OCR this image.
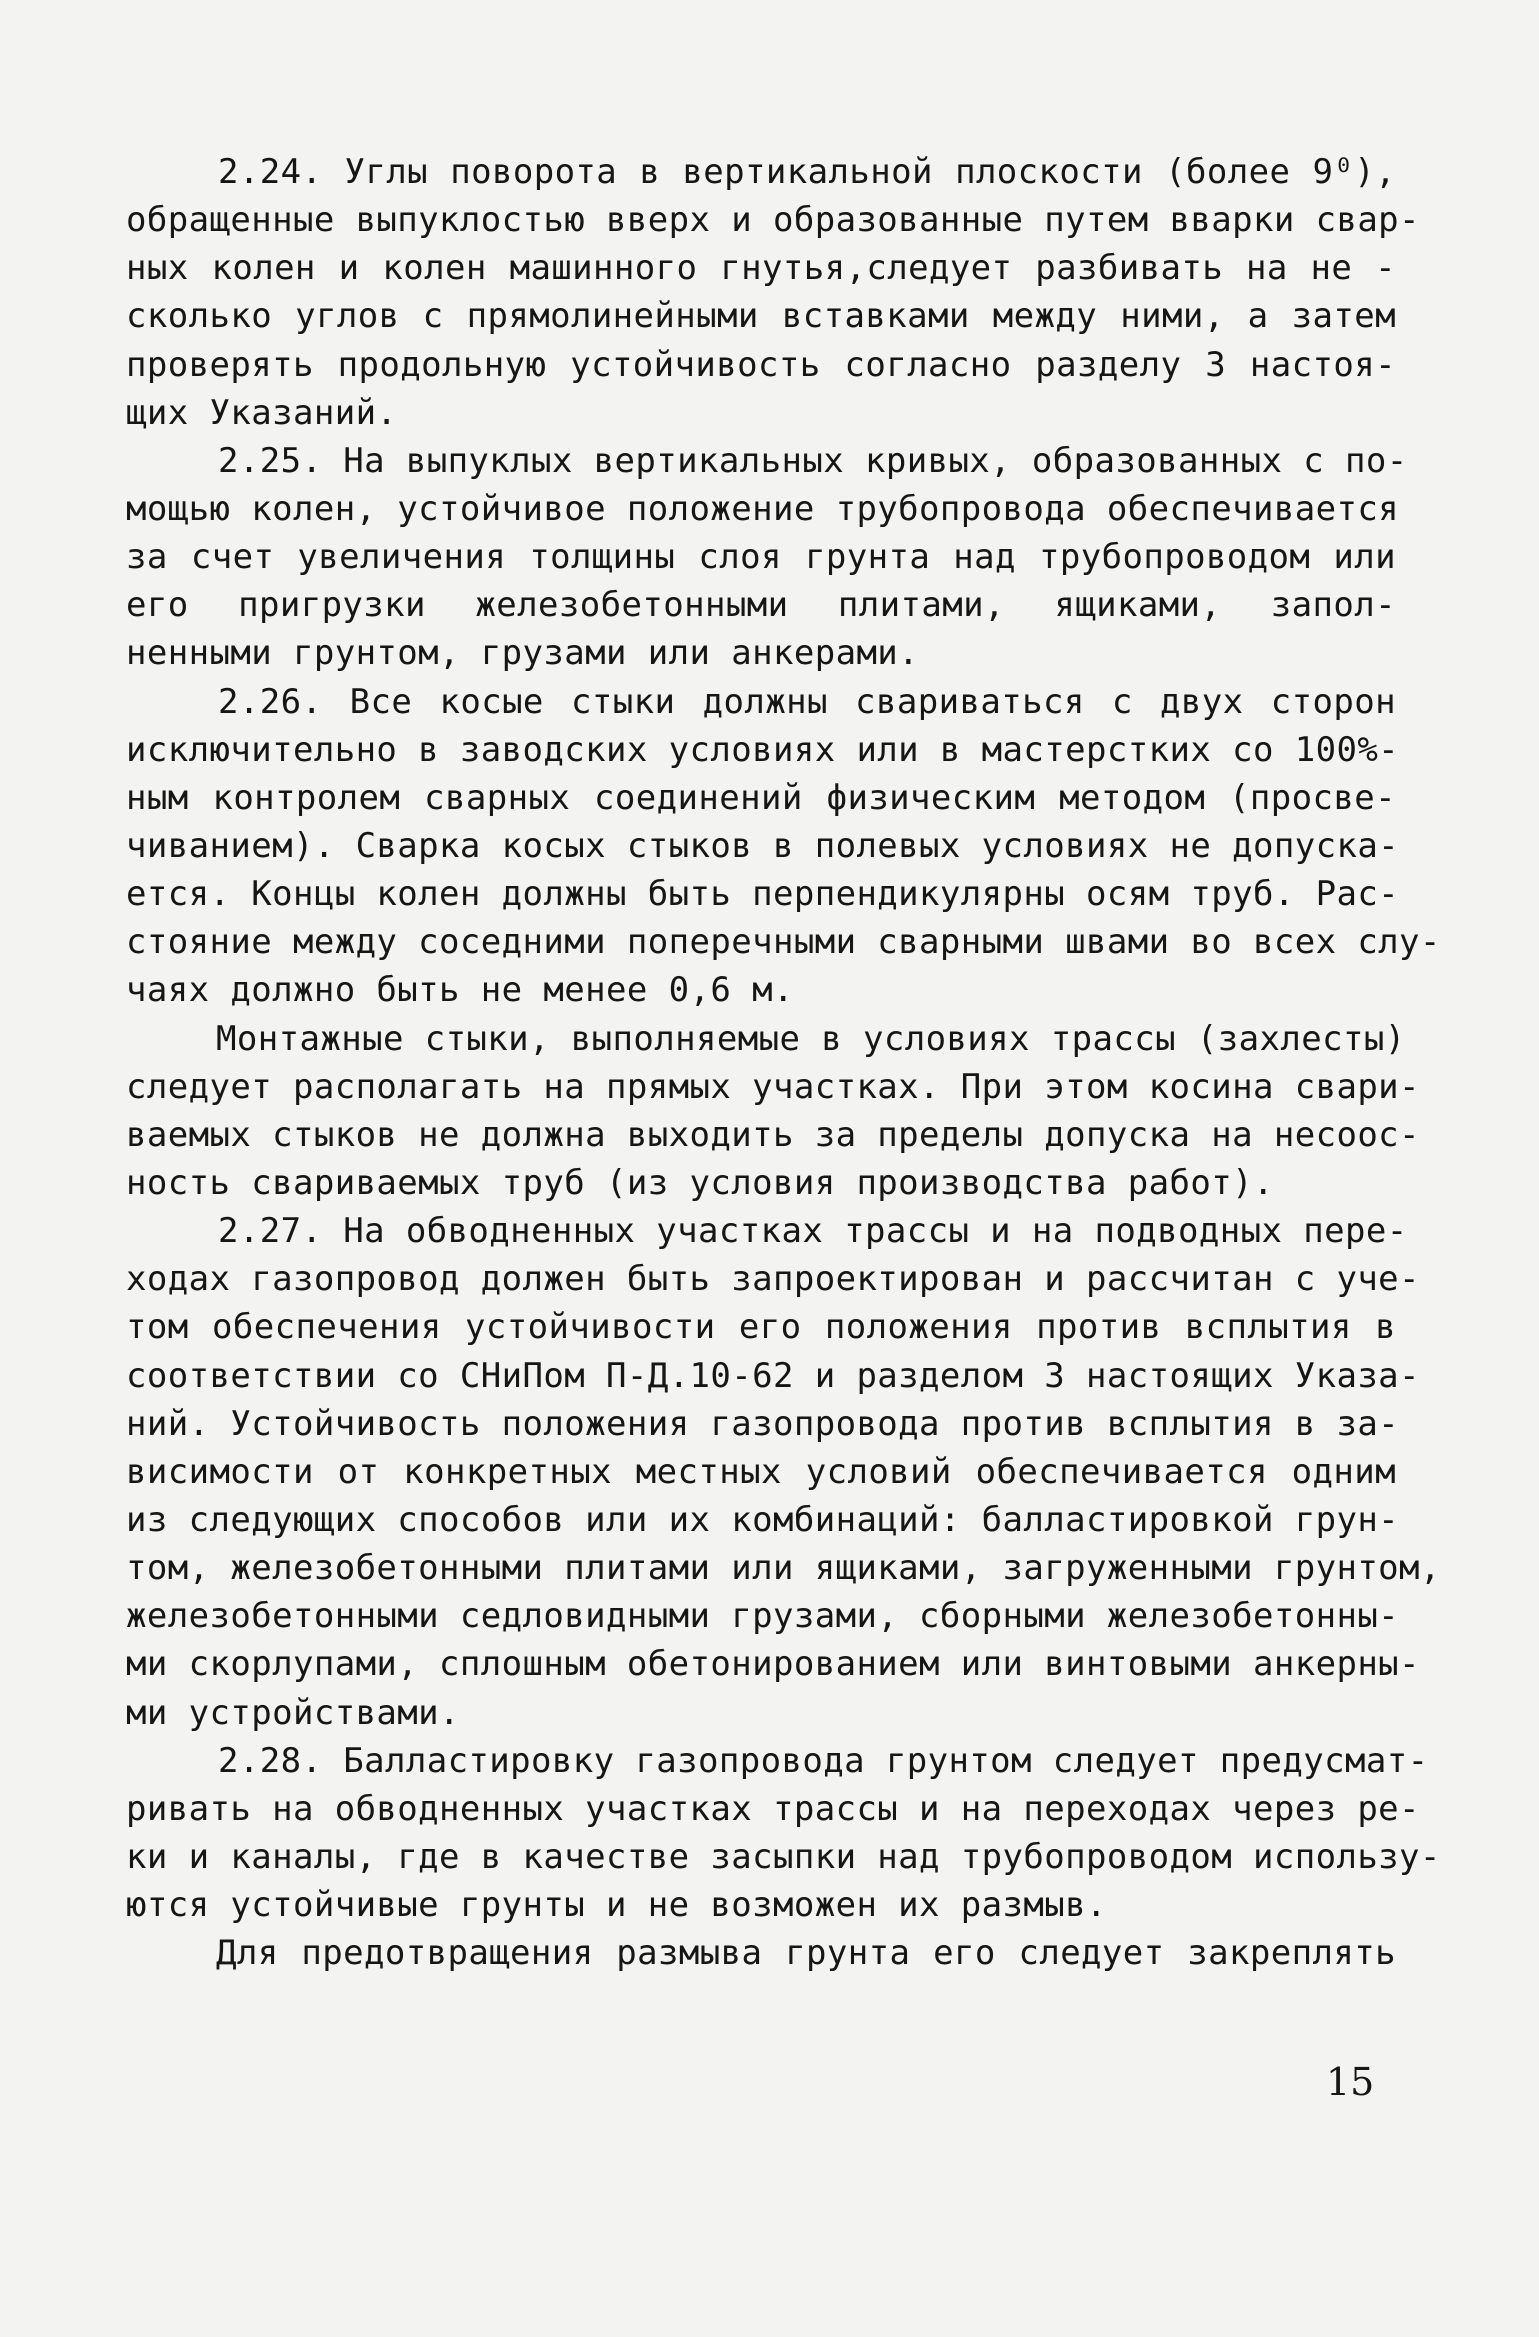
2.24. Углы поворота в вертикальной плоскости (более 9⁰),
обращенные выпуклостью вверх и образованные путем вварки свар-
ных колен и колен машинного гнутья,следует разбивать на не -
сколько углов с прямолинейными вставками между ними, а затем
проверять продольную устойчивость согласно разделу 3 настоя-
щих Указаний.
2.25. На выпуклых вертикальных кривых, образованных с по-
мощью колен, устойчивое положение трубопровода обеспечивается
за счет увеличения толщины слоя грунта над трубопроводом или
его пригрузки железобетонными плитами, ящиками, запол-
ненными грунтом, грузами или анкерами.
2.26. Все косые стыки должны свариваться с двух сторон
исключительно в заводских условиях или в мастерстких со 100%-
ным контролем сварных соединений физическим методом (просве-
чиванием). Сварка косых стыков в полевых условиях не допуска-
ется. Концы колен должны быть перпендикулярны осям труб. Рас-
стояние между соседними поперечными сварными швами во всех слу-
чаях должно быть не менее 0,6 м.
Монтажные стыки, выполняемые в условиях трассы (захлесты)
следует располагать на прямых участках. При этом косина свари-
ваемых стыков не должна выходить за пределы допуска на несоос-
ность свариваемых труб (из условия производства работ).
2.27. На обводненных участках трассы и на подводных пере-
ходах газопровод должен быть запроектирован и рассчитан с уче-
том обеспечения устойчивости его положения против всплытия в
соответствии со СНиПом П-Д.10-62 и разделом 3 настоящих Указа-
ний. Устойчивость положения газопровода против всплытия в за-
висимости от конкретных местных условий обеспечивается одним
из следующих способов или их комбинаций: балластировкой грун-
том, железобетонными плитами или ящиками, загруженными грунтом,
железобетонными седловидными грузами, сборными железобетонны-
ми скорлупами, сплошным обетонированием или винтовыми анкерны-
ми устройствами.
2.28. Балластировку газопровода грунтом следует предусмат-
ривать на обводненных участках трассы и на переходах через ре-
ки и каналы, где в качестве засыпки над трубопроводом использу-
ются устойчивые грунты и не возможен их размыв.
Для предотвращения размыва грунта его следует закреплять
15
